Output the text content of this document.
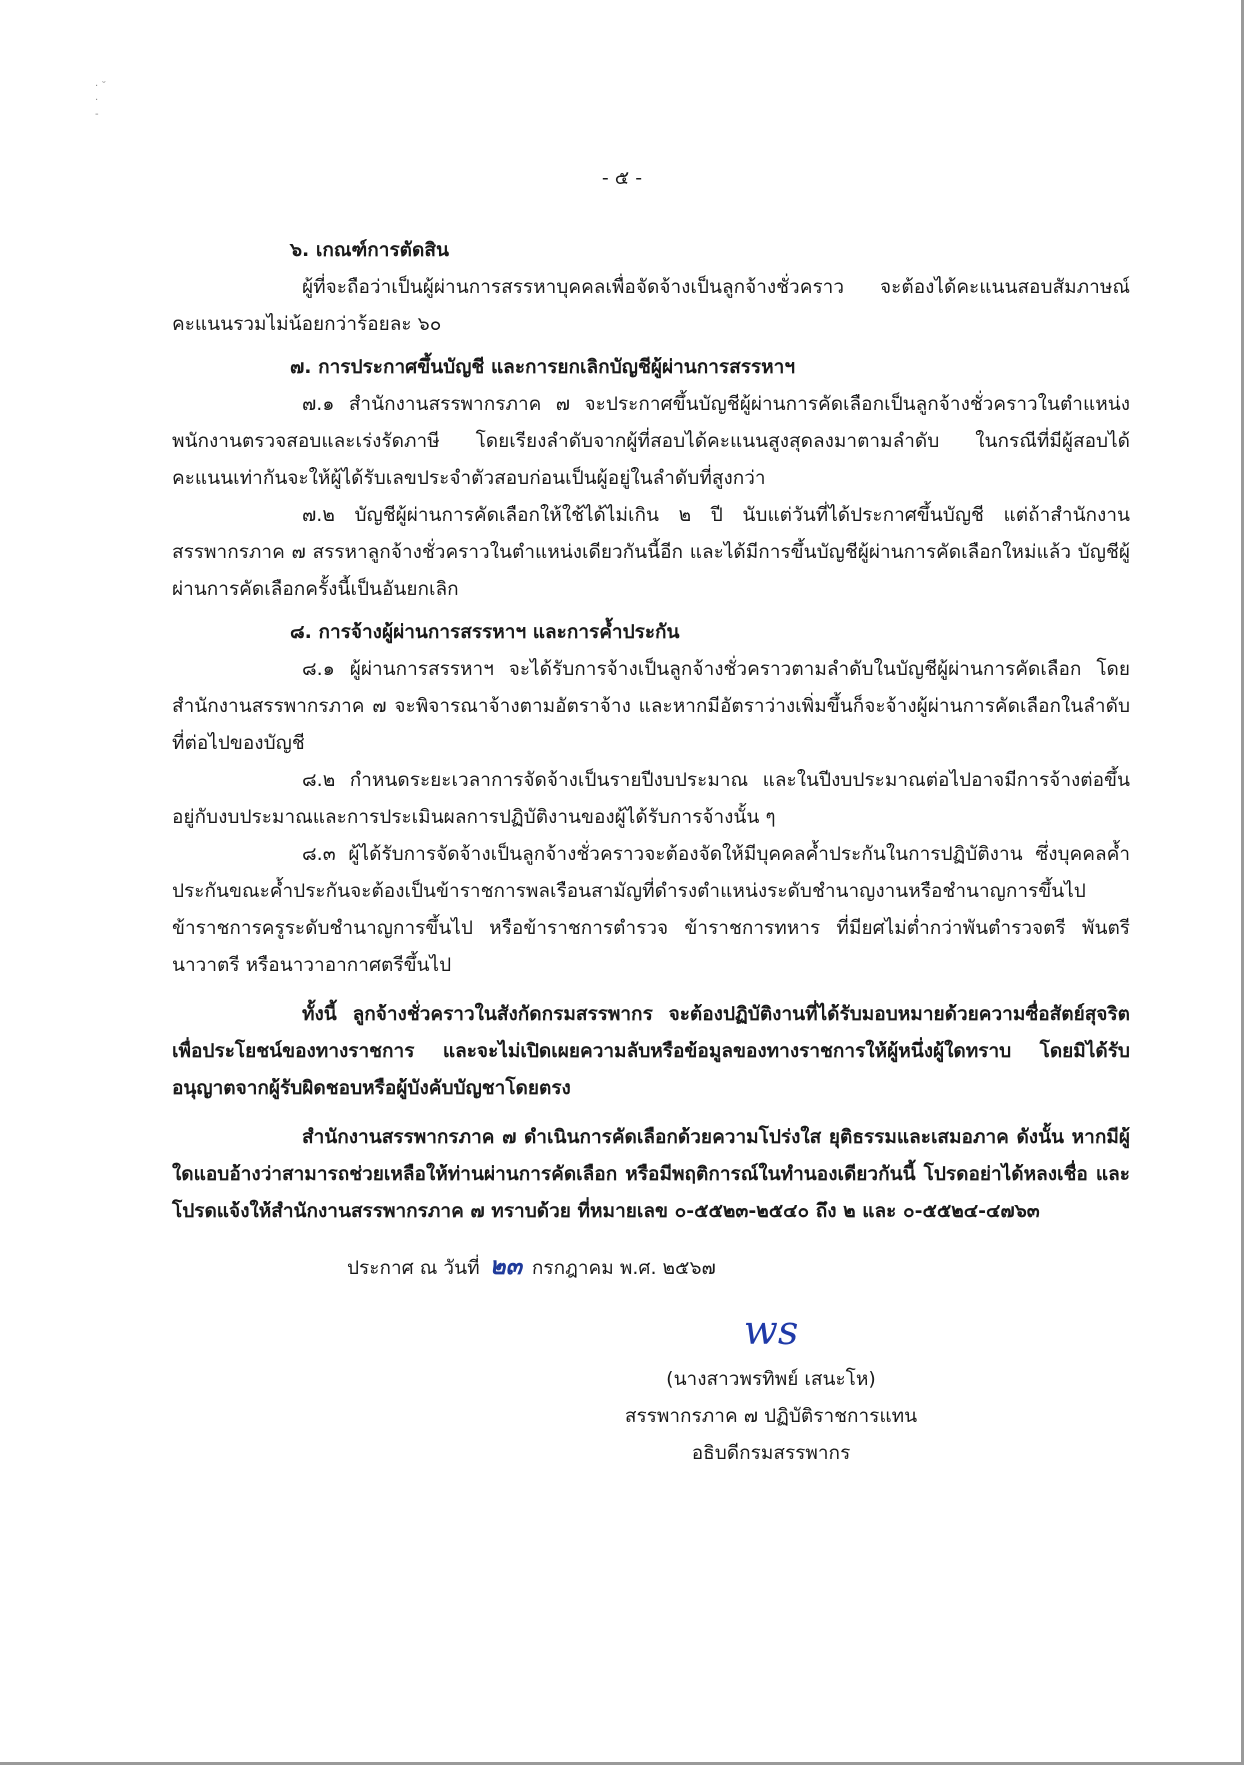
· ˘
·
-
- ๕ -

๖. เกณฑ์การตัดสิน

ผู้ที่จะถือว่าเป็นผู้ผ่านการสรรหาบุคคลเพื่อจัดจ้างเป็นลูกจ้างชั่วคราว จะต้องได้คะแนนสอบสัมภาษณ์ คะแนนรวมไม่น้อยกว่าร้อยละ ๖๐

๗. การประกาศขึ้นบัญชี และการยกเลิกบัญชีผู้ผ่านการสรรหาฯ

๗.๑ สำนักงานสรรพากรภาค ๗ จะประกาศขึ้นบัญชีผู้ผ่านการคัดเลือกเป็นลูกจ้างชั่วคราวในตำแหน่งพนักงานตรวจสอบและเร่งรัดภาษี โดยเรียงลำดับจากผู้ที่สอบได้คะแนนสูงสุดลงมาตามลำดับ ในกรณีที่มีผู้สอบได้คะแนนเท่ากันจะให้ผู้ได้รับเลขประจำตัวสอบก่อนเป็นผู้อยู่ในลำดับที่สูงกว่า

๗.๒ บัญชีผู้ผ่านการคัดเลือกให้ใช้ได้ไม่เกิน ๒ ปี นับแต่วันที่ได้ประกาศขึ้นบัญชี แต่ถ้าสำนักงานสรรพากรภาค ๗ สรรหาลูกจ้างชั่วคราวในตำแหน่งเดียวกันนี้อีก และได้มีการขึ้นบัญชีผู้ผ่านการคัดเลือกใหม่แล้ว บัญชีผู้ผ่านการคัดเลือกครั้งนี้เป็นอันยกเลิก

๘. การจ้างผู้ผ่านการสรรหาฯ และการค้ำประกัน

๘.๑ ผู้ผ่านการสรรหาฯ จะได้รับการจ้างเป็นลูกจ้างชั่วคราวตามลำดับในบัญชีผู้ผ่านการคัดเลือก โดยสำนักงานสรรพากรภาค ๗ จะพิจารณาจ้างตามอัตราจ้าง และหากมีอัตราว่างเพิ่มขึ้นก็จะจ้างผู้ผ่านการคัดเลือกในลำดับที่ต่อไปของบัญชี

๘.๒ กำหนดระยะเวลาการจัดจ้างเป็นรายปีงบประมาณ และในปีงบประมาณต่อไปอาจมีการจ้างต่อขึ้นอยู่กับงบประมาณและการประเมินผลการปฏิบัติงานของผู้ได้รับการจ้างนั้น ๆ

๘.๓ ผู้ได้รับการจัดจ้างเป็นลูกจ้างชั่วคราวจะต้องจัดให้มีบุคคลค้ำประกันในการปฏิบัติงาน ซึ่งบุคคลค้ำประกันขณะค้ำประกันจะต้องเป็นข้าราชการพลเรือนสามัญที่ดำรงตำแหน่งระดับชำนาญงานหรือชำนาญการขึ้นไป ข้าราชการครูระดับชำนาญการขึ้นไป หรือข้าราชการตำรวจ ข้าราชการทหาร ที่มียศไม่ต่ำกว่าพันตำรวจตรี พันตรี นาวาตรี หรือนาวาอากาศตรีขึ้นไป

ทั้งนี้ ลูกจ้างชั่วคราวในสังกัดกรมสรรพากร จะต้องปฏิบัติงานที่ได้รับมอบหมายด้วยความซื่อสัตย์สุจริต เพื่อประโยชน์ของทางราชการ และจะไม่เปิดเผยความลับหรือข้อมูลของทางราชการให้ผู้หนึ่งผู้ใดทราบ โดยมิได้รับอนุญาตจากผู้รับผิดชอบหรือผู้บังคับบัญชาโดยตรง

สำนักงานสรรพากรภาค ๗ ดำเนินการคัดเลือกด้วยความโปร่งใส ยุติธรรมและเสมอภาค ดังนั้น หากมีผู้ใดแอบอ้างว่าสามารถช่วยเหลือให้ท่านผ่านการคัดเลือก หรือมีพฤติการณ์ในทำนองเดียวกันนี้ โปรดอย่าได้หลงเชื่อ และโปรดแจ้งให้สำนักงานสรรพากรภาค ๗ ทราบด้วย ที่หมายเลข ๐-๕๕๒๓-๒๕๔๐ ถึง ๒ และ ๐-๕๕๒๔-๔๗๖๓

ประกาศ ณ วันที่ ๒๓ กรกฎาคม พ.ศ. ๒๕๖๗

ws
(นางสาวพรทิพย์ เสนะโห)
สรรพากรภาค ๗ ปฏิบัติราชการแทน
อธิบดีกรมสรรพากร
